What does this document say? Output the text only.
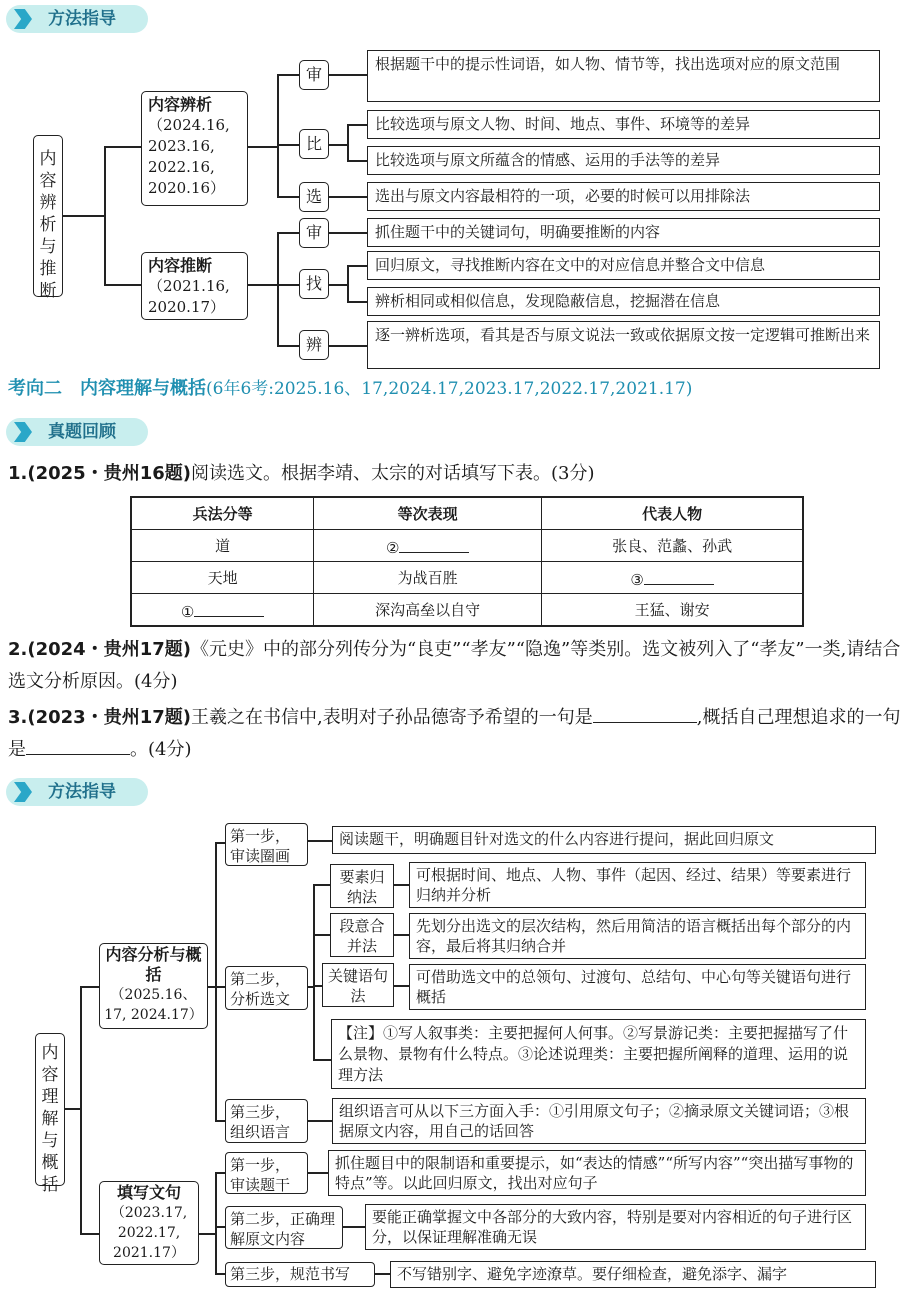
方法指导
内容辨析与推断
内容辨析
（2024.16, 2023.16, 2022.16, 2020.16）
内容推断
（2021.16, 2020.17）
审
比
选
审
找
辨
根据题干中的提示性词语，如人物、情节等，找出选项对应的原文范围
比较选项与原文人物、时间、地点、事件、环境等的差异
比较选项与原文所蕴含的情感、运用的手法等的差异
选出与原文内容最相符的一项，必要的时候可以用排除法
抓住题干中的关键词句，明确要推断的内容
回归原文，寻找推断内容在文中的对应信息并整合文中信息
辨析相同或相似信息，发现隐蔽信息，挖掘潜在信息
逐一辨析选项，看其是否与原文说法一致或依据原文按一定逻辑可推断出来
考向二　内容理解与概括(6年6考:2025.16、17,2024.17,2023.17,2022.17,2021.17)
真题回顾
1.(2025・贵州16题)阅读选文。根据李靖、太宗的对话填写下表。(3分)
兵法分等	等次表现	代表人物
道	②	张良、范蠡、孙武
天地	为战百胜	③
①	深沟高垒以自守	王猛、谢安
2.(2024・贵州17题)《元史》中的部分列传分为“良吏”“孝友”“隐逸”等类别。选文被列入了“孝友”一类,请结合选文分析原因。(4分)
3.(2023・贵州17题)王羲之在书信中,表明对子孙品德寄予希望的一句是	,概括自己理想追求的一句是	。(4分)
方法指导
内容理解与概括
内容分析与概括
（2025.16、17, 2024.17）
填写文句
（2023.17, 2022.17, 2021.17）
第一步，审读圈画
第二步，分析选文
第三步，组织语言
阅读题干，明确题目针对选文的什么内容进行提问，据此回归原文
要素归纳法
段意合并法
关键语句法
可根据时间、地点、人物、事件（起因、经过、结果）等要素进行归纳并分析
先划分出选文的层次结构，然后用简洁的语言概括出每个部分的内容，最后将其归纳合并
可借助选文中的总领句、过渡句、总结句、中心句等关键语句进行概括
【注】①写人叙事类：主要把握何人何事。②写景游记类：主要把握描写了什么景物、景物有什么特点。③论述说理类：主要把握所阐释的道理、运用的说理方法
组织语言可从以下三方面入手：①引用原文句子；②摘录原文关键词语；③根据原文内容，用自己的话回答
第一步，审读题干
第二步，正确理解原文内容
第三步，规范书写
抓住题目中的限制语和重要提示，如“表达的情感”“所写内容”“突出描写事物的特点”等。以此回归原文，找出对应句子
要能正确掌握文中各部分的大致内容，特别是要对内容相近的句子进行区分，以保证理解准确无误
不写错别字、避免字迹潦草。要仔细检查，避免添字、漏字
